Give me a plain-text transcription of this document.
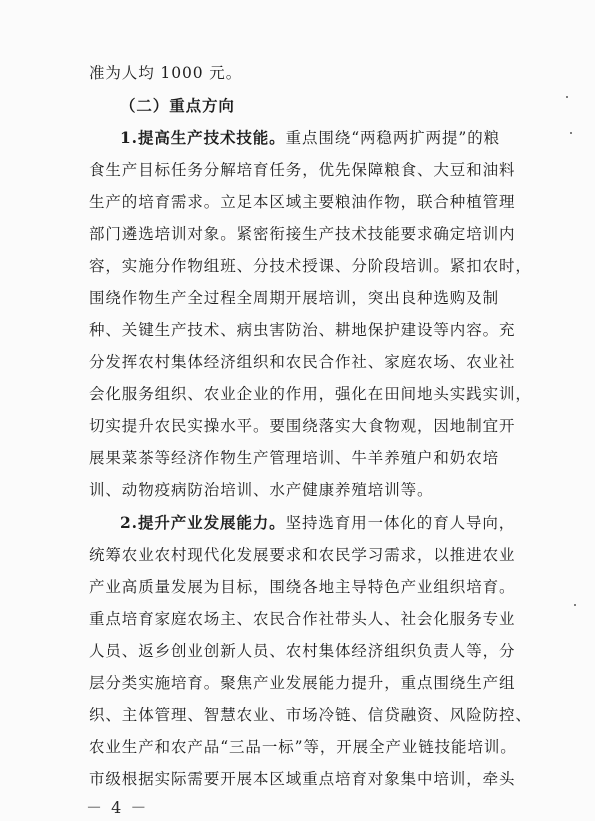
准为人均 1000 元。
（二）重点方向
1.提高生产技术技能。重点围绕“两稳两扩两提”的粮
食生产目标任务分解培育任务，优先保障粮食、大豆和油料
生产的培育需求。立足本区域主要粮油作物，联合种植管理
部门遴选培训对象。紧密衔接生产技术技能要求确定培训内
容，实施分作物组班、分技术授课、分阶段培训。紧扣农时，
围绕作物生产全过程全周期开展培训，突出良种选购及制
种、关键生产技术、病虫害防治、耕地保护建设等内容。充
分发挥农村集体经济组织和农民合作社、家庭农场、农业社
会化服务组织、农业企业的作用，强化在田间地头实践实训，
切实提升农民实操水平。要围绕落实大食物观，因地制宜开
展果菜茶等经济作物生产管理培训、牛羊养殖户和奶农培
训、动物疫病防治培训、水产健康养殖培训等。
2.提升产业发展能力。坚持选育用一体化的育人导向，
统筹农业农村现代化发展要求和农民学习需求，以推进农业
产业高质量发展为目标，围绕各地主导特色产业组织培育。
重点培育家庭农场主、农民合作社带头人、社会化服务专业
人员、返乡创业创新人员、农村集体经济组织负责人等，分
层分类实施培育。聚焦产业发展能力提升，重点围绕生产组
织、主体管理、智慧农业、市场冷链、信贷融资、风险防控、
农业生产和农产品“三品一标”等，开展全产业链技能培训。
市级根据实际需要开展本区域重点培育对象集中培训，牵头
－ 4 －
